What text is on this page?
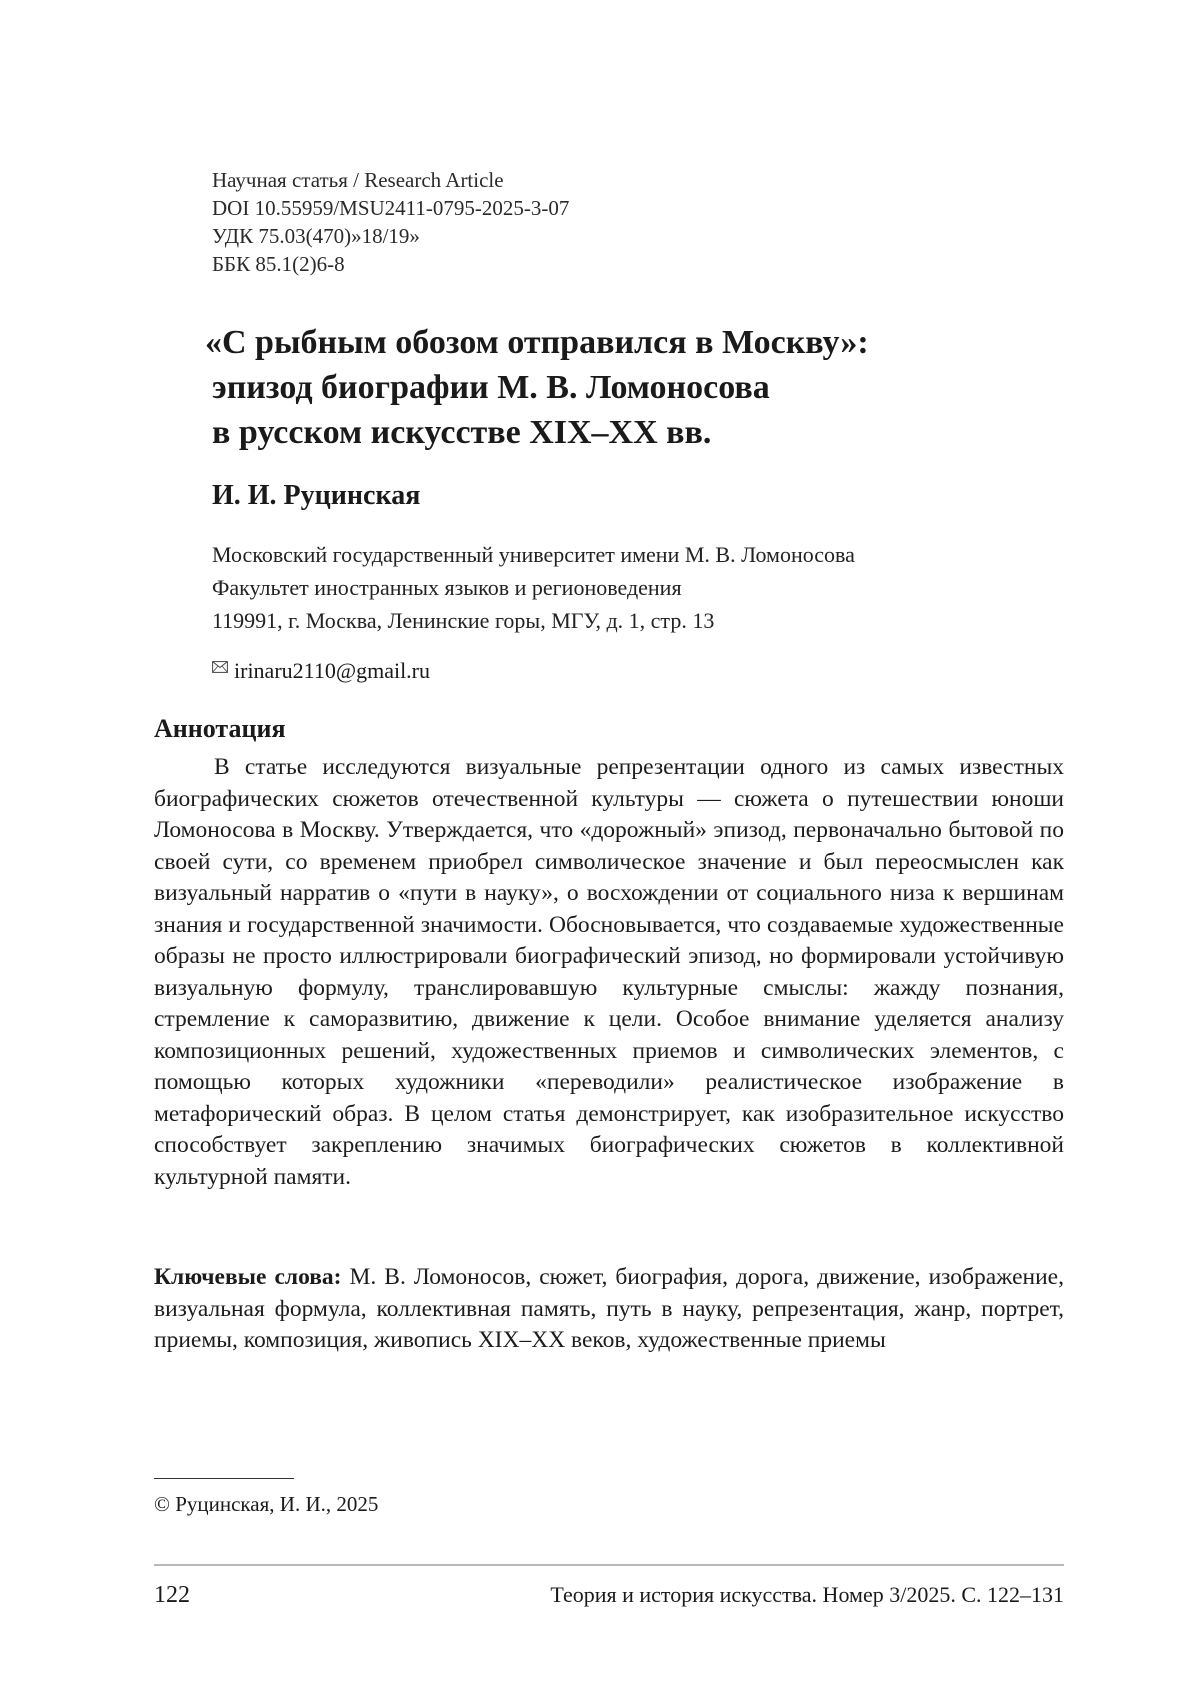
Научная статья / Research Article
DOI 10.55959/MSU2411-0795-2025-3-07
УДК 75.03(470)»18/19»
ББК 85.1(2)6-8
«С рыбным обозом отправился в Москву»:
эпизод биографии М. В. Ломоносова
в русском искусстве XIX–XX вв.
И. И. Руцинская
Московский государственный университет имени М. В. Ломоносова
Факультет иностранных языков и регионоведения
119991, г. Москва, Ленинские горы, МГУ, д. 1, стр. 13
irinaru2110@gmail.ru
Аннотация
В статье исследуются визуальные репрезентации одного из самых известных биографических сюжетов отечественной культуры — сюжета о путешествии юноши Ломоносова в Москву. Утверждается, что «дорожный» эпизод, первоначально бытовой по своей сути, со временем приобрел символическое значение и был переосмыслен как визуальный нарратив о «пути в науку», о восхождении от социального низа к вершинам знания и государственной значимости. Обосновывается, что создаваемые художественные образы не просто иллюстрировали биографический эпизод, но формировали устойчивую визуальную формулу, транслировавшую культурные смыслы: жажду познания, стремление к саморазвитию, движение к цели. Особое внимание уделяется анализу композиционных решений, художественных приемов и символических элементов, с помощью которых художники «переводили» реалистическое изображение в метафорический образ. В целом статья демонстрирует, как изобразительное искусство способствует закреплению значимых биографических сюжетов в коллективной культурной памяти.
Ключевые слова: М. В. Ломоносов, сюжет, биография, дорога, движение, изображение, визуальная формула, коллективная память, путь в науку, репрезентация, жанр, портрет, приемы, композиция, живопись XIX–XX веков, художественные приемы
© Руцинская, И. И., 2025
122	Теория и история искусства. Номер 3/2025. С. 122–131
